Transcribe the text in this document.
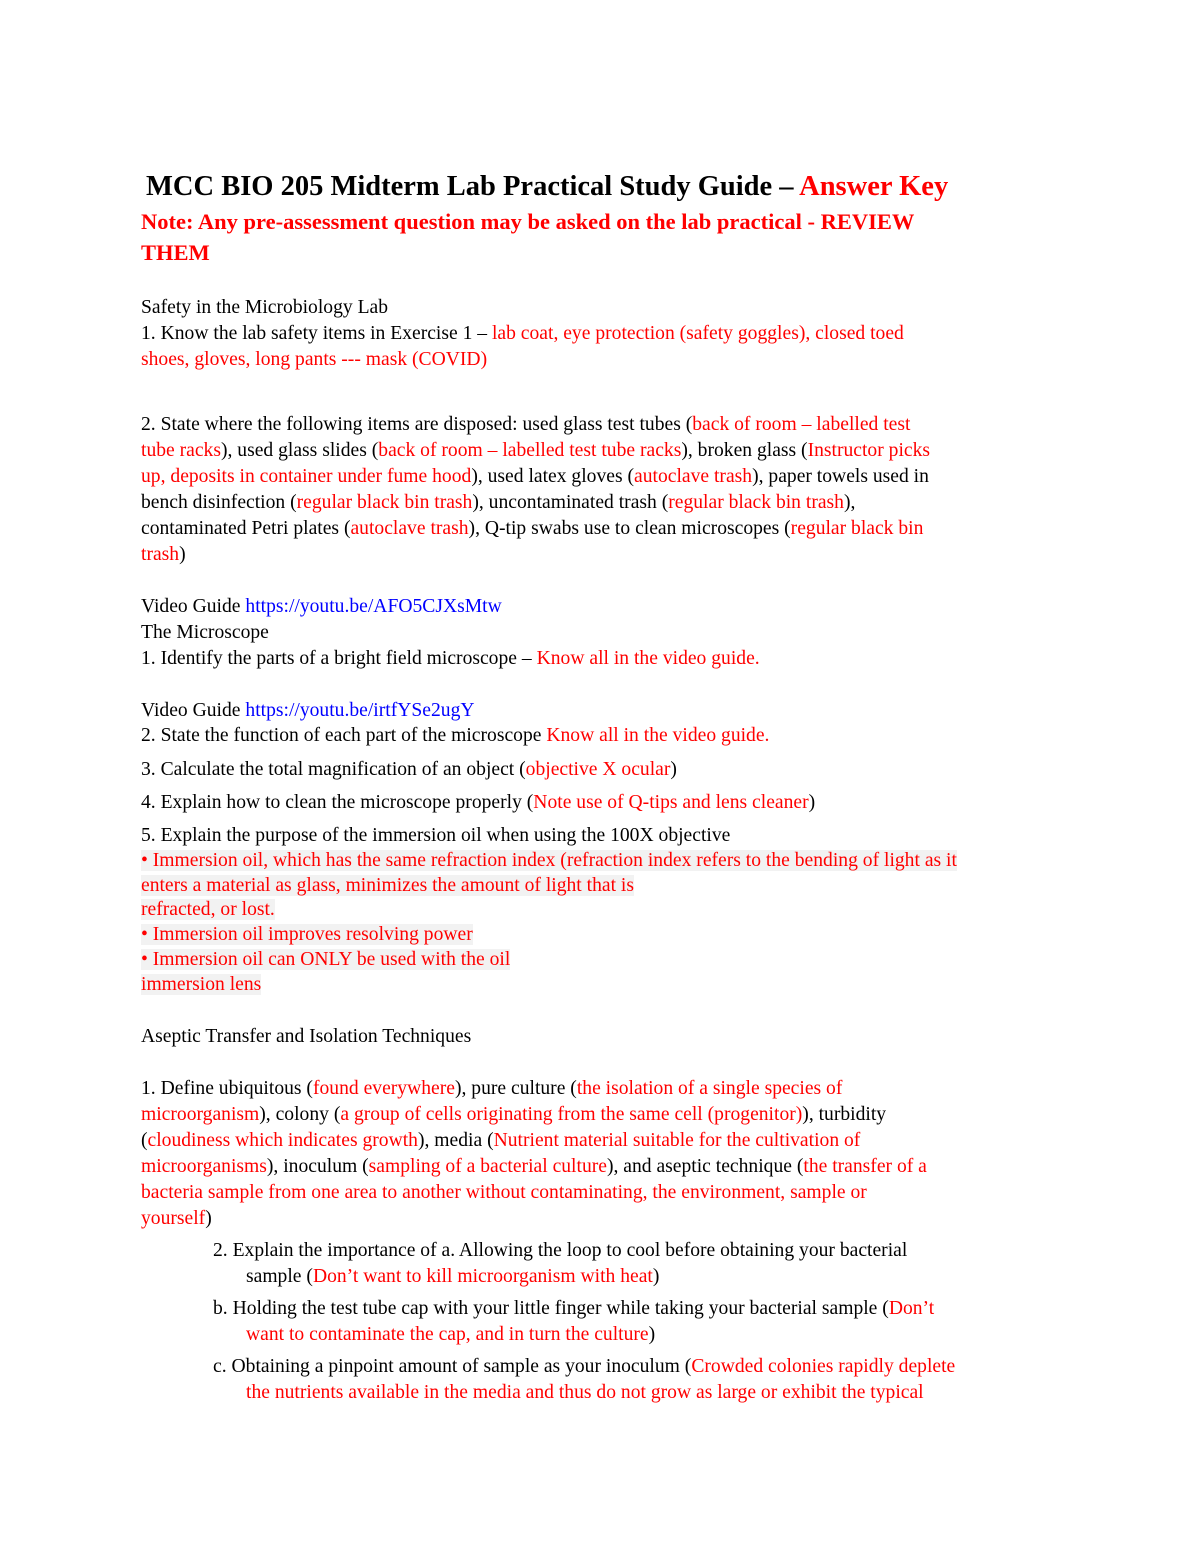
MCC BIO 205 Midterm Lab Practical Study Guide – Answer Key
Note: Any pre-assessment question may be asked on the lab practical - REVIEW
THEM
Safety in the Microbiology Lab
1. Know the lab safety items in Exercise 1 – lab coat, eye protection (safety goggles), closed toed
shoes, gloves, long pants --- mask (COVID)
2. State where the following items are disposed: used glass test tubes (back of room – labelled test
tube racks), used glass slides (back of room – labelled test tube racks), broken glass (Instructor picks
up, deposits in container under fume hood), used latex gloves (autoclave trash), paper towels used in
bench disinfection (regular black bin trash), uncontaminated trash (regular black bin trash),
contaminated Petri plates (autoclave trash), Q-tip swabs use to clean microscopes (regular black bin
trash)
Video Guide https://youtu.be/AFO5CJXsMtw
The Microscope
1. Identify the parts of a bright field microscope – Know all in the video guide.
Video Guide https://youtu.be/irtfYSe2ugY
2. State the function of each part of the microscope Know all in the video guide.
3. Calculate the total magnification of an object (objective X ocular)
4. Explain how to clean the microscope properly (Note use of Q-tips and lens cleaner)
5. Explain the purpose of the immersion oil when using the 100X objective
• Immersion oil, which has the same refraction index (refraction index refers to the bending of light as it
enters a material as glass, minimizes the amount of light that is
refracted, or lost.
• Immersion oil improves resolving power
• Immersion oil can ONLY be used with the oil
immersion lens
Aseptic Transfer and Isolation Techniques
1. Define ubiquitous (found everywhere), pure culture (the isolation of a single species of
microorganism), colony (a group of cells originating from the same cell (progenitor)), turbidity
(cloudiness which indicates growth), media (Nutrient material suitable for the cultivation of
microorganisms), inoculum (sampling of a bacterial culture), and aseptic technique (the transfer of a
bacteria sample from one area to another without contaminating, the environment, sample or
yourself)
2. Explain the importance of a. Allowing the loop to cool before obtaining your bacterial
sample (Don’t want to kill microorganism with heat)
b. Holding the test tube cap with your little finger while taking your bacterial sample (Don’t
want to contaminate the cap, and in turn the culture)
c. Obtaining a pinpoint amount of sample as your inoculum (Crowded colonies rapidly deplete
the nutrients available in the media and thus do not grow as large or exhibit the typical
